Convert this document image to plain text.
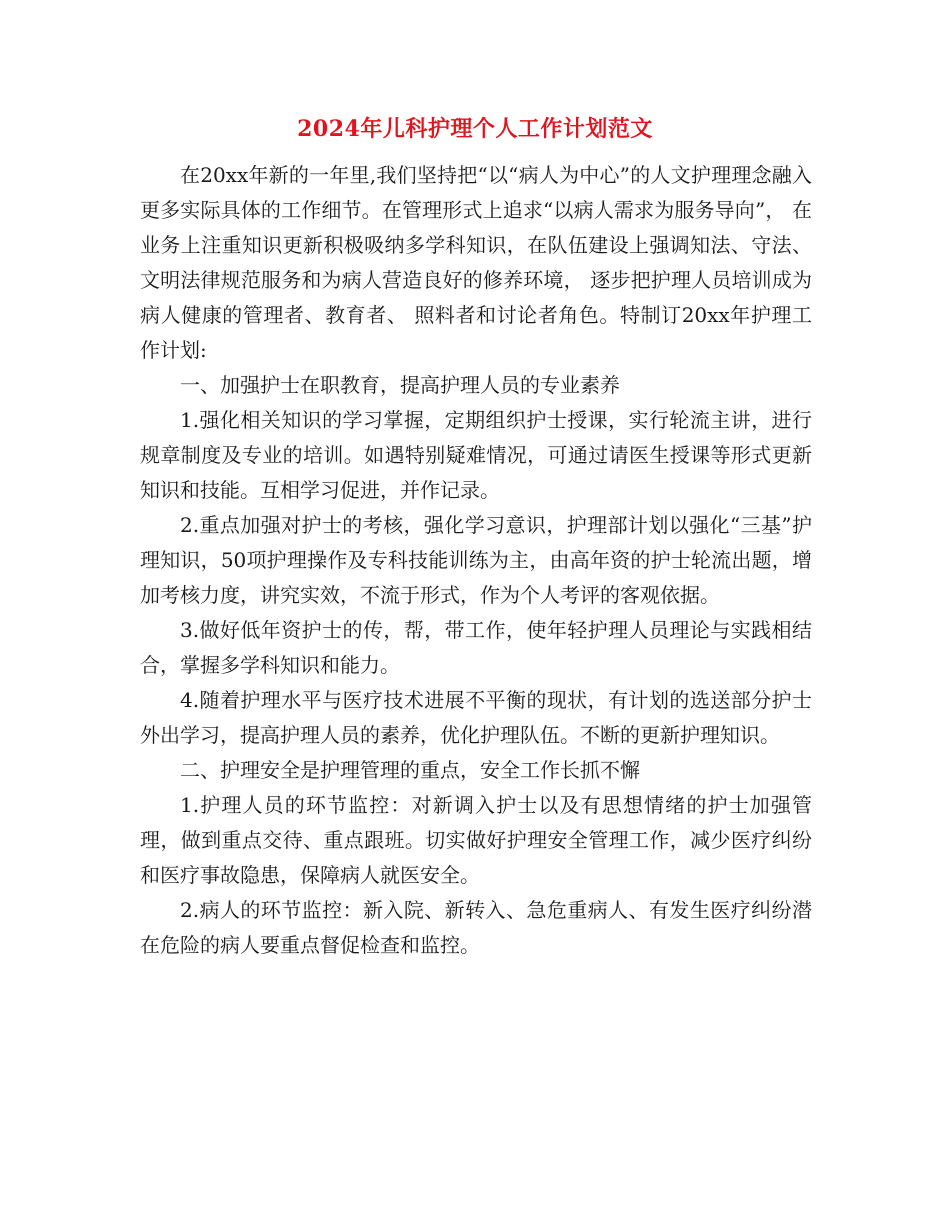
2024年儿科护理个人工作计划范文

在20xx年新的一年里,我们坚持把“以“病人为中心”的人文护理理念融入更多实际具体的工作细节。在管理形式上追求“以病人需求为服务导向”， 在业务上注重知识更新积极吸纳多学科知识，在队伍建设上强调知法、守法、文明法律规范服务和为病人营造良好的修养环境， 逐步把护理人员培训成为病人健康的管理者、教育者、 照料者和讨论者角色。特制订20xx年护理工作计划:

一、加强护士在职教育，提高护理人员的专业素养

1.强化相关知识的学习掌握，定期组织护士授课，实行轮流主讲，进行规章制度及专业的培训。如遇特别疑难情况，可通过请医生授课等形式更新知识和技能。互相学习促进，并作记录。

2.重点加强对护士的考核，强化学习意识，护理部计划以强化“三基”护理知识，50项护理操作及专科技能训练为主，由高年资的护士轮流出题，增加考核力度，讲究实效，不流于形式，作为个人考评的客观依据。

3.做好低年资护士的传，帮，带工作，使年轻护理人员理论与实践相结合，掌握多学科知识和能力。

4.随着护理水平与医疗技术进展不平衡的现状，有计划的选送部分护士外出学习，提高护理人员的素养，优化护理队伍。不断的更新护理知识。

二、护理安全是护理管理的重点，安全工作长抓不懈

1.护理人员的环节监控：对新调入护士以及有思想情绪的护士加强管理，做到重点交待、重点跟班。切实做好护理安全管理工作，减少医疗纠纷和医疗事故隐患，保障病人就医安全。

2.病人的环节监控：新入院、新转入、急危重病人、有发生医疗纠纷潜在危险的病人要重点督促检查和监控。
